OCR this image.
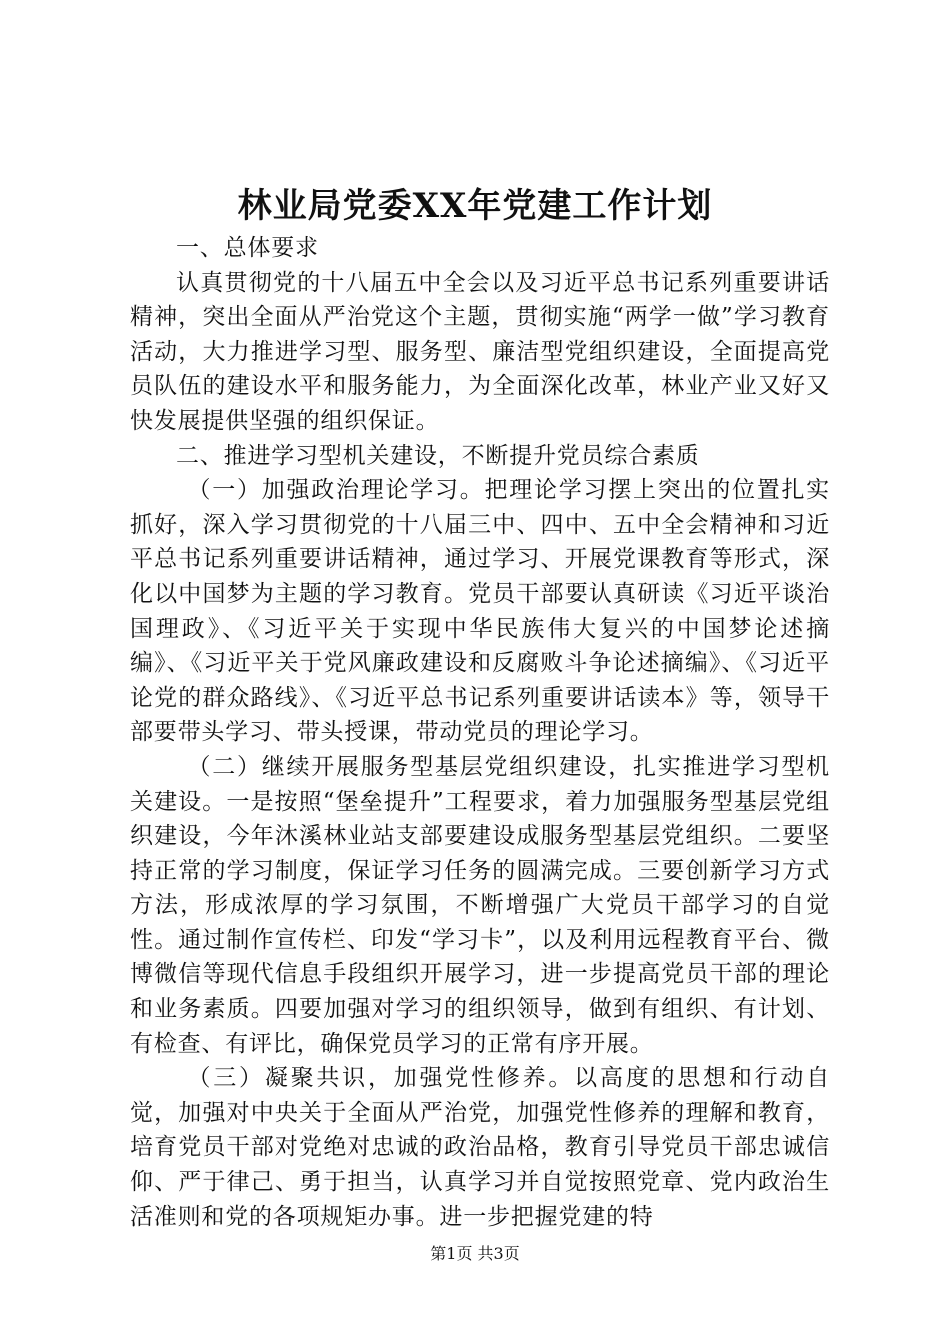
林业局党委XX年党建工作计划

一、总体要求

认真贯彻党的十八届五中全会以及习近平总书记系列重要讲话精神，突出全面从严治党这个主题，贯彻实施“两学一做”学习教育活动，大力推进学习型、服务型、廉洁型党组织建设，全面提高党员队伍的建设水平和服务能力，为全面深化改革，林业产业又好又快发展提供坚强的组织保证。

二、推进学习型机关建设，不断提升党员综合素质

（一）加强政治理论学习。把理论学习摆上突出的位置扎实抓好，深入学习贯彻党的十八届三中、四中、五中全会精神和习近平总书记系列重要讲话精神，通过学习、开展党课教育等形式，深化以中国梦为主题的学习教育。党员干部要认真研读《习近平谈治国理政》、《习近平关于实现中华民族伟大复兴的中国梦论述摘编》、《习近平关于党风廉政建设和反腐败斗争论述摘编》、《习近平论党的群众路线》、《习近平总书记系列重要讲话读本》等，领导干部要带头学习、带头授课，带动党员的理论学习。

（二）继续开展服务型基层党组织建设，扎实推进学习型机关建设。一是按照“堡垒提升”工程要求，着力加强服务型基层党组织建设，今年沐溪林业站支部要建设成服务型基层党组织。二要坚持正常的学习制度，保证学习任务的圆满完成。三要创新学习方式方法，形成浓厚的学习氛围，不断增强广大党员干部学习的自觉性。通过制作宣传栏、印发“学习卡”，以及利用远程教育平台、微博微信等现代信息手段组织开展学习，进一步提高党员干部的理论和业务素质。四要加强对学习的组织领导，做到有组织、有计划、有检查、有评比，确保党员学习的正常有序开展。

（三）凝聚共识，加强党性修养。以高度的思想和行动自觉，加强对中央关于全面从严治党，加强党性修养的理解和教育，培育党员干部对党绝对忠诚的政治品格，教育引导党员干部忠诚信仰、严于律己、勇于担当，认真学习并自觉按照党章、党内政治生活准则和党的各项规矩办事。进一步把握党建的特

第1页 共3页
